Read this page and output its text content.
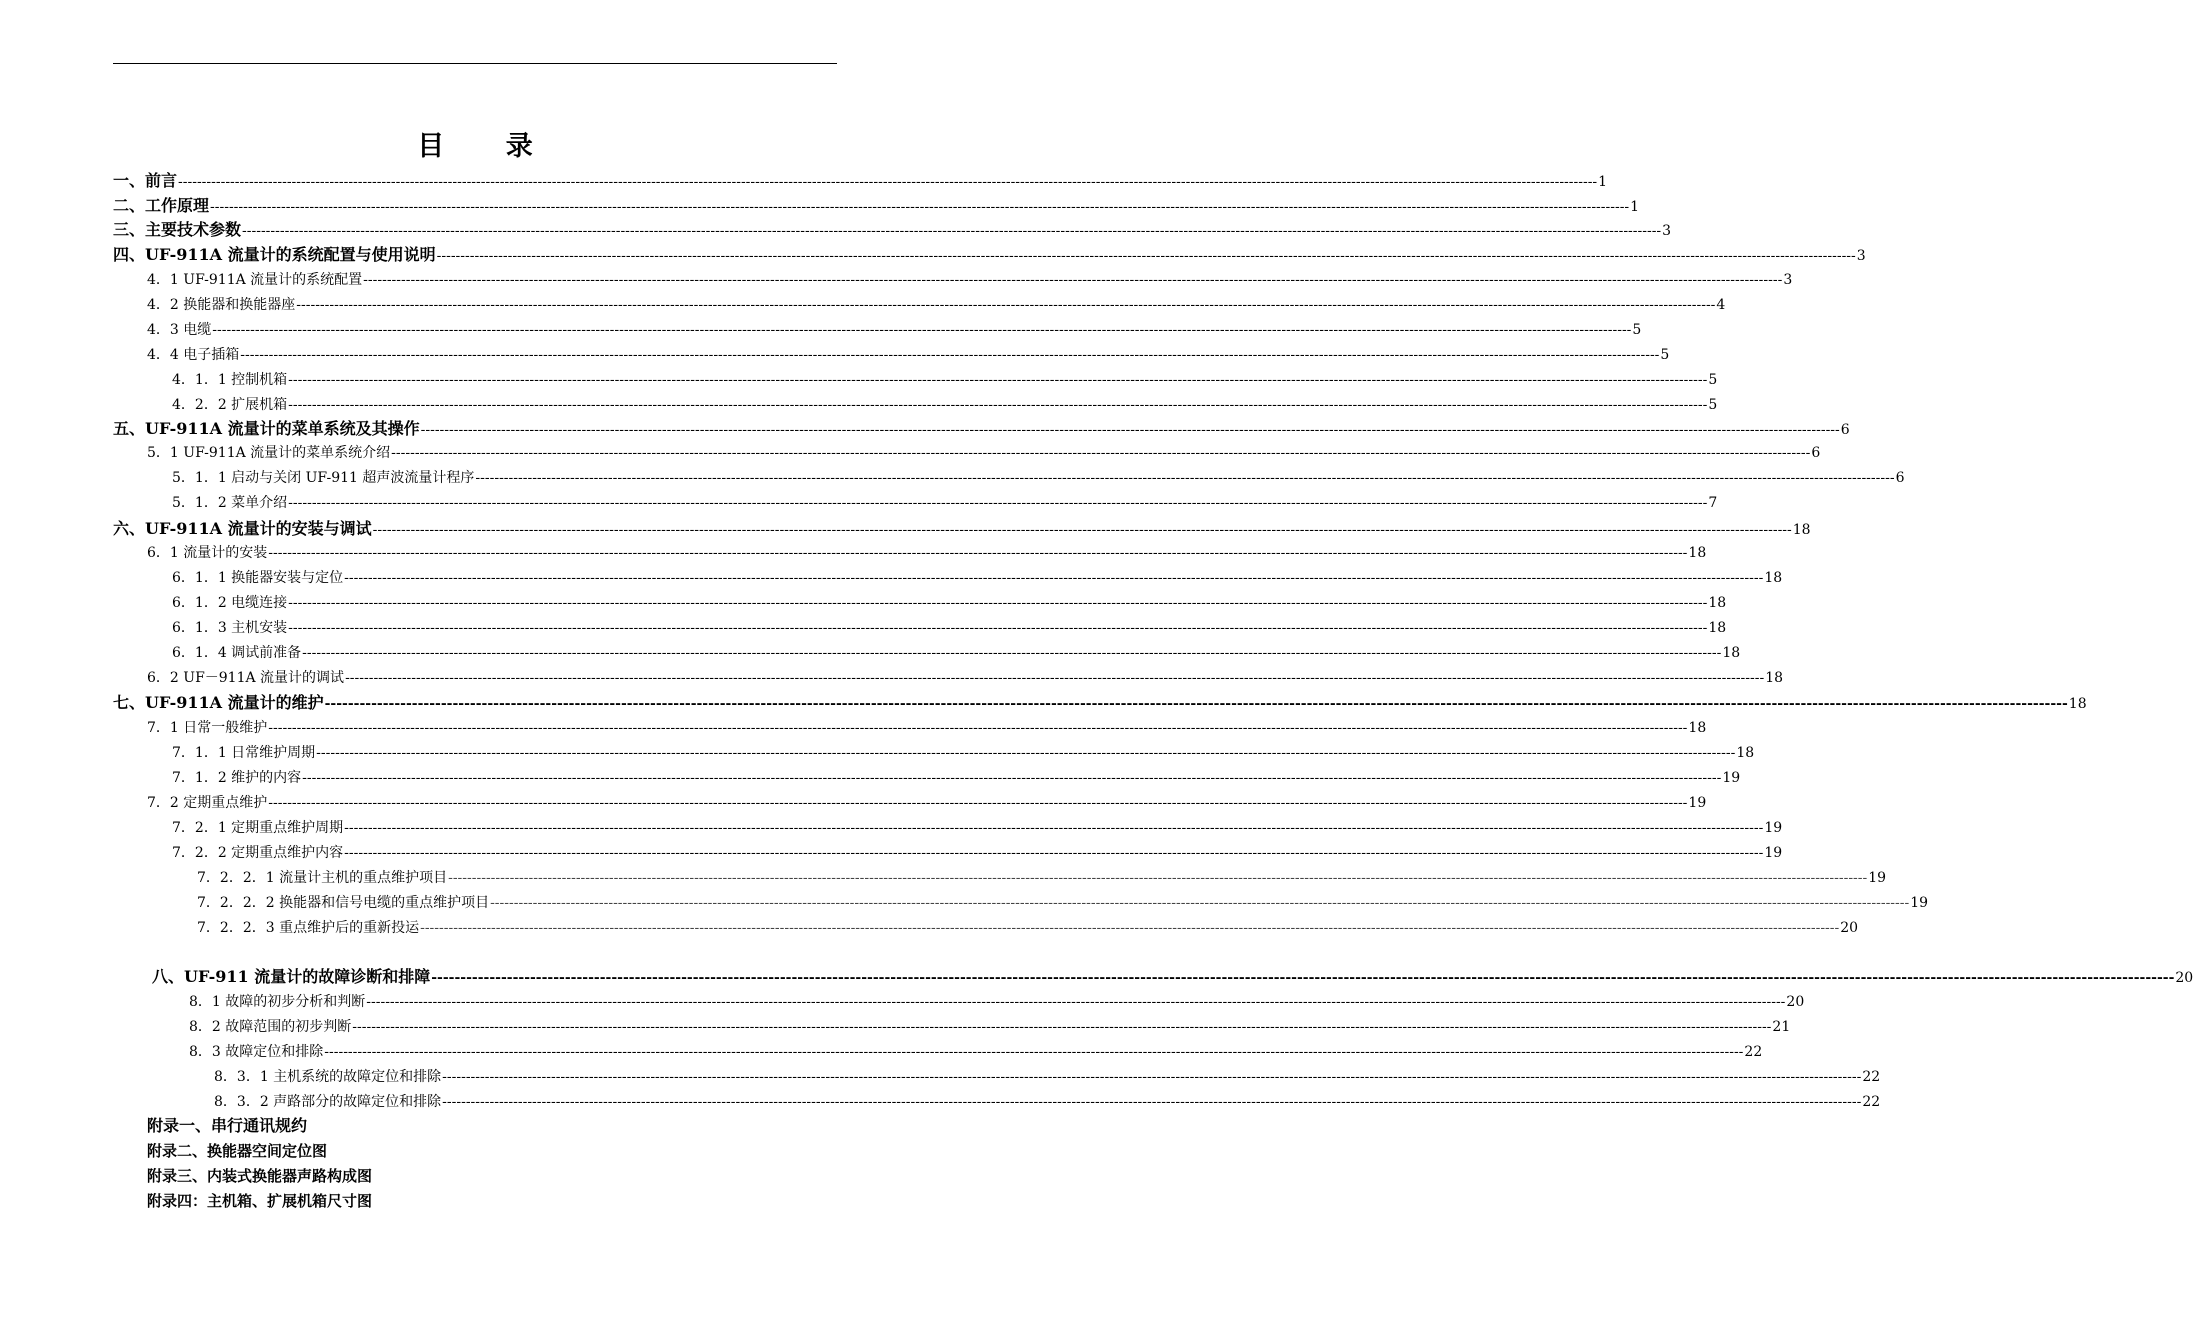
目 录
一、前言 ------------------------------------------------------------------------------------------------------------------------------------------------------------------------------------------------------------------------------------------------------------------------------------------------------------ 1
二、工作原理 ------------------------------------------------------------------------------------------------------------------------------------------------------------------------------------------------------------------------------------------------------------------------------------------------------------ 1
三、主要技术参数 ------------------------------------------------------------------------------------------------------------------------------------------------------------------------------------------------------------------------------------------------------------------------------------------------------------ 3
四、UF-911A 流量计的系统配置与使用说明 ------------------------------------------------------------------------------------------------------------------------------------------------------------------------------------------------------------------------------------------------------------------------------------------------------------ 3
4．1 UF-911A 流量计的系统配置 ------------------------------------------------------------------------------------------------------------------------------------------------------------------------------------------------------------------------------------------------------------------------------------------------------------ 3
4．2 换能器和换能器座 ------------------------------------------------------------------------------------------------------------------------------------------------------------------------------------------------------------------------------------------------------------------------------------------------------------ 4
4．3 电缆 ------------------------------------------------------------------------------------------------------------------------------------------------------------------------------------------------------------------------------------------------------------------------------------------------------------ 5
4．4 电子插箱 ------------------------------------------------------------------------------------------------------------------------------------------------------------------------------------------------------------------------------------------------------------------------------------------------------------ 5
4．1．1 控制机箱 ------------------------------------------------------------------------------------------------------------------------------------------------------------------------------------------------------------------------------------------------------------------------------------------------------------ 5
4．2．2 扩展机箱 ------------------------------------------------------------------------------------------------------------------------------------------------------------------------------------------------------------------------------------------------------------------------------------------------------------ 5
五、UF-911A 流量计的菜单系统及其操作 ------------------------------------------------------------------------------------------------------------------------------------------------------------------------------------------------------------------------------------------------------------------------------------------------------------ 6
5．1 UF-911A 流量计的菜单系统介绍 ------------------------------------------------------------------------------------------------------------------------------------------------------------------------------------------------------------------------------------------------------------------------------------------------------------ 6
5．1．1 启动与关闭 UF-911 超声波流量计程序 ------------------------------------------------------------------------------------------------------------------------------------------------------------------------------------------------------------------------------------------------------------------------------------------------------------ 6
5．1．2 菜单介绍 ------------------------------------------------------------------------------------------------------------------------------------------------------------------------------------------------------------------------------------------------------------------------------------------------------------ 7
六、UF-911A 流量计的安装与调试 ------------------------------------------------------------------------------------------------------------------------------------------------------------------------------------------------------------------------------------------------------------------------------------------------------------ 18
6．1 流量计的安装 ------------------------------------------------------------------------------------------------------------------------------------------------------------------------------------------------------------------------------------------------------------------------------------------------------------ 18
6．1．1 换能器安装与定位 ------------------------------------------------------------------------------------------------------------------------------------------------------------------------------------------------------------------------------------------------------------------------------------------------------------ 18
6．1．2 电缆连接 ------------------------------------------------------------------------------------------------------------------------------------------------------------------------------------------------------------------------------------------------------------------------------------------------------------ 18
6．1．3 主机安装 ------------------------------------------------------------------------------------------------------------------------------------------------------------------------------------------------------------------------------------------------------------------------------------------------------------ 18
6．1．4 调试前准备 ------------------------------------------------------------------------------------------------------------------------------------------------------------------------------------------------------------------------------------------------------------------------------------------------------------ 18
6．2 UF－911A 流量计的调试 ------------------------------------------------------------------------------------------------------------------------------------------------------------------------------------------------------------------------------------------------------------------------------------------------------------ 18
七、UF-911A 流量计的维护 ------------------------------------------------------------------------------------------------------------------------------------------------------------------------------------------------------------------------------------------------------------------------------------------------------------ 18
7．1 日常一般维护 ------------------------------------------------------------------------------------------------------------------------------------------------------------------------------------------------------------------------------------------------------------------------------------------------------------ 18
7．1．1 日常维护周期 ------------------------------------------------------------------------------------------------------------------------------------------------------------------------------------------------------------------------------------------------------------------------------------------------------------ 18
7．1．2 维护的内容 ------------------------------------------------------------------------------------------------------------------------------------------------------------------------------------------------------------------------------------------------------------------------------------------------------------ 19
7．2 定期重点维护 ------------------------------------------------------------------------------------------------------------------------------------------------------------------------------------------------------------------------------------------------------------------------------------------------------------ 19
7．2．1 定期重点维护周期 ------------------------------------------------------------------------------------------------------------------------------------------------------------------------------------------------------------------------------------------------------------------------------------------------------------ 19
7．2．2 定期重点维护内容 ------------------------------------------------------------------------------------------------------------------------------------------------------------------------------------------------------------------------------------------------------------------------------------------------------------ 19
7．2．2．1 流量计主机的重点维护项目 ------------------------------------------------------------------------------------------------------------------------------------------------------------------------------------------------------------------------------------------------------------------------------------------------------------ 19
7．2．2．2 换能器和信号电缆的重点维护项目 ------------------------------------------------------------------------------------------------------------------------------------------------------------------------------------------------------------------------------------------------------------------------------------------------------------ 19
7．2．2．3 重点维护后的重新投运 ------------------------------------------------------------------------------------------------------------------------------------------------------------------------------------------------------------------------------------------------------------------------------------------------------------ 20
八、UF-911 流量计的故障诊断和排障 ------------------------------------------------------------------------------------------------------------------------------------------------------------------------------------------------------------------------------------------------------------------------------------------------------------ 20
8．1 故障的初步分析和判断 ------------------------------------------------------------------------------------------------------------------------------------------------------------------------------------------------------------------------------------------------------------------------------------------------------------ 20
8．2 故障范围的初步判断 ------------------------------------------------------------------------------------------------------------------------------------------------------------------------------------------------------------------------------------------------------------------------------------------------------------ 21
8．3 故障定位和排除 ------------------------------------------------------------------------------------------------------------------------------------------------------------------------------------------------------------------------------------------------------------------------------------------------------------ 22
8．3．1 主机系统的故障定位和排除 ------------------------------------------------------------------------------------------------------------------------------------------------------------------------------------------------------------------------------------------------------------------------------------------------------------ 22
8．3．2 声路部分的故障定位和排除 ------------------------------------------------------------------------------------------------------------------------------------------------------------------------------------------------------------------------------------------------------------------------------------------------------------ 22
附录一、串行通讯规约
附录二、换能器空间定位图
附录三、内装式换能器声路构成图
附录四：主机箱、扩展机箱尺寸图
